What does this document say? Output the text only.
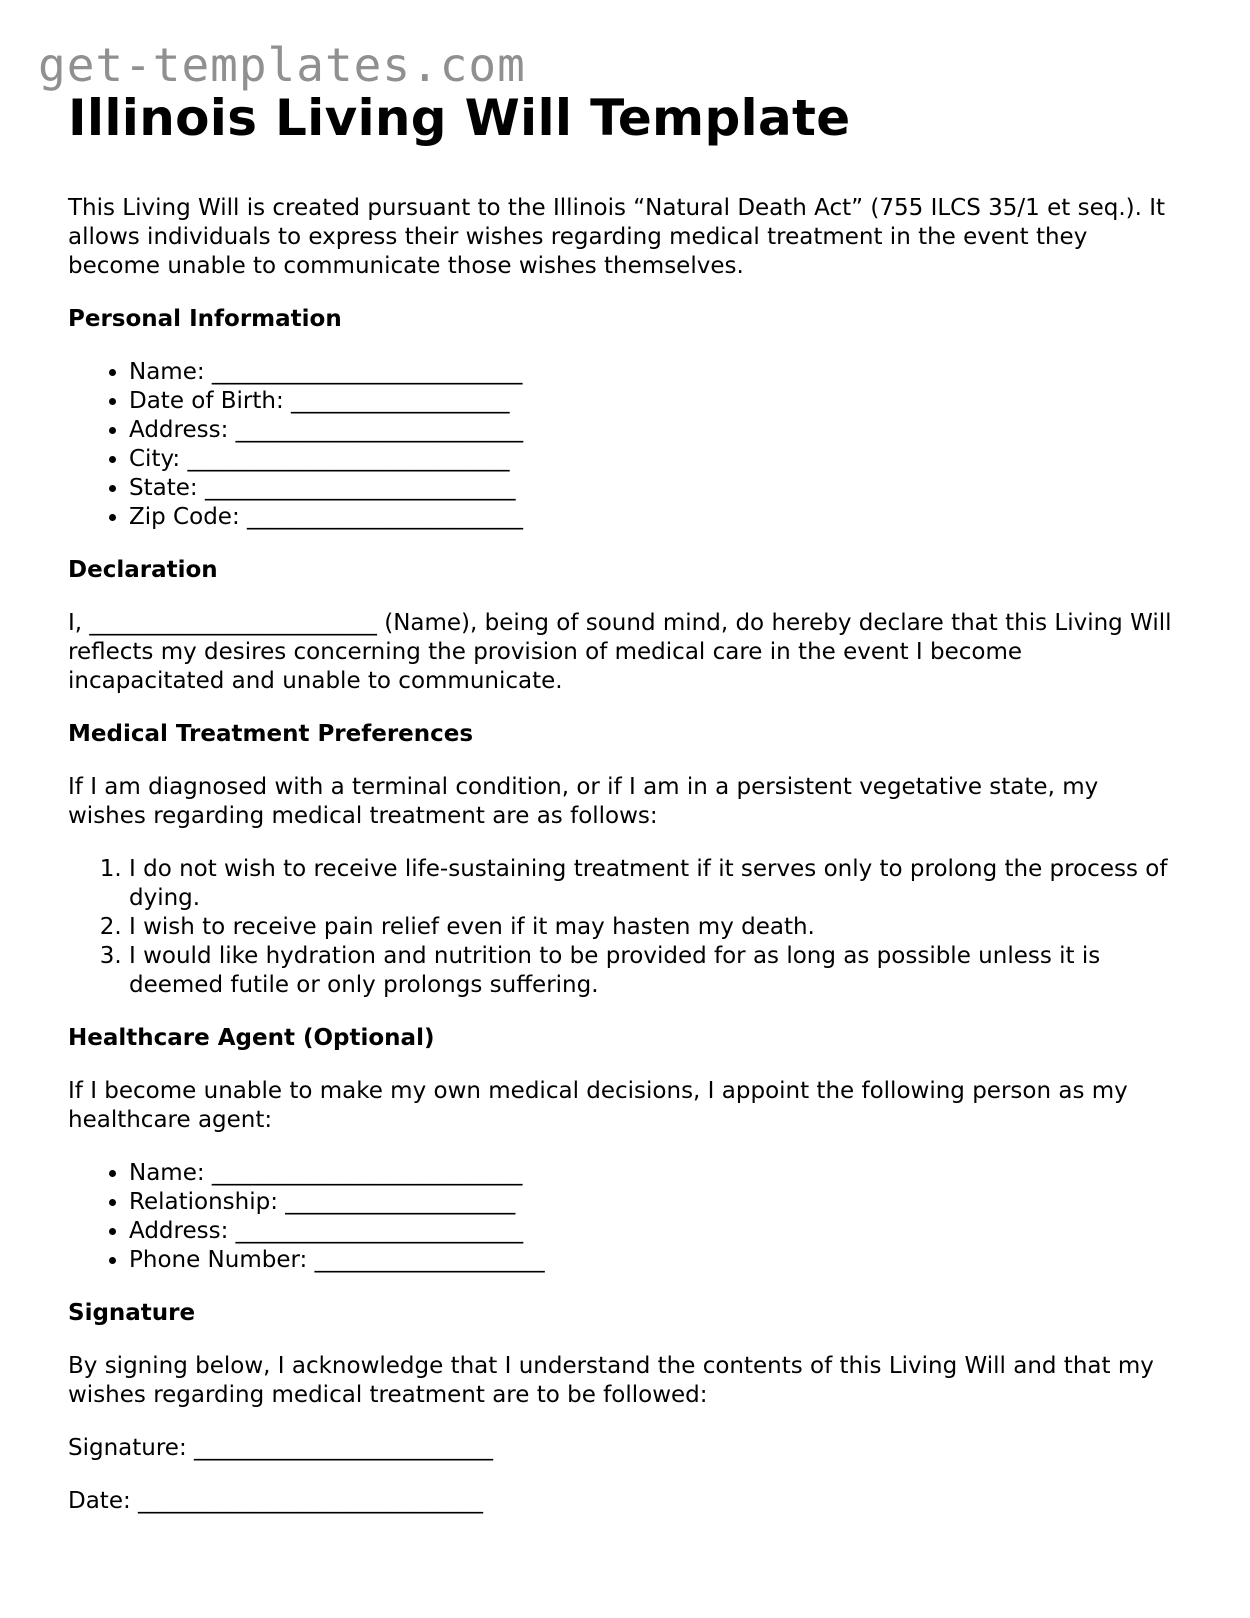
get-templates.com
Illinois Living Will Template
This Living Will is created pursuant to the Illinois “Natural Death Act” (755 ILCS 35/1 et seq.). It allows individuals to express their wishes regarding medical treatment in the event they become unable to communicate those wishes themselves.
Personal Information
• Name: ___________________________
• Date of Birth: ___________________
• Address: _________________________
• City: ____________________________
• State: ___________________________
• Zip Code: ________________________
Declaration

I, _________________________ (Name), being of sound mind, do hereby declare that this Living Will reflects my desires concerning the provision of medical care in the event I become incapacitated and unable to communicate.

Medical Treatment Preferences

If I am diagnosed with a terminal condition, or if I am in a persistent vegetative state, my wishes regarding medical treatment are as follows:

1. I do not wish to receive life-sustaining treatment if it serves only to prolong the process of dying.
2. I wish to receive pain relief even if it may hasten my death.
3. I would like hydration and nutrition to be provided for as long as possible unless it is deemed futile or only prolongs suffering.
Healthcare Agent (Optional)

If I become unable to make my own medical decisions, I appoint the following person as my healthcare agent:

• Name: ___________________________
• Relationship: ____________________
• Address: _________________________
• Phone Number: ____________________
Signature

By signing below, I acknowledge that I understand the contents of this Living Will and that my wishes regarding medical treatment are to be followed:

Signature: __________________________

Date: ______________________________
